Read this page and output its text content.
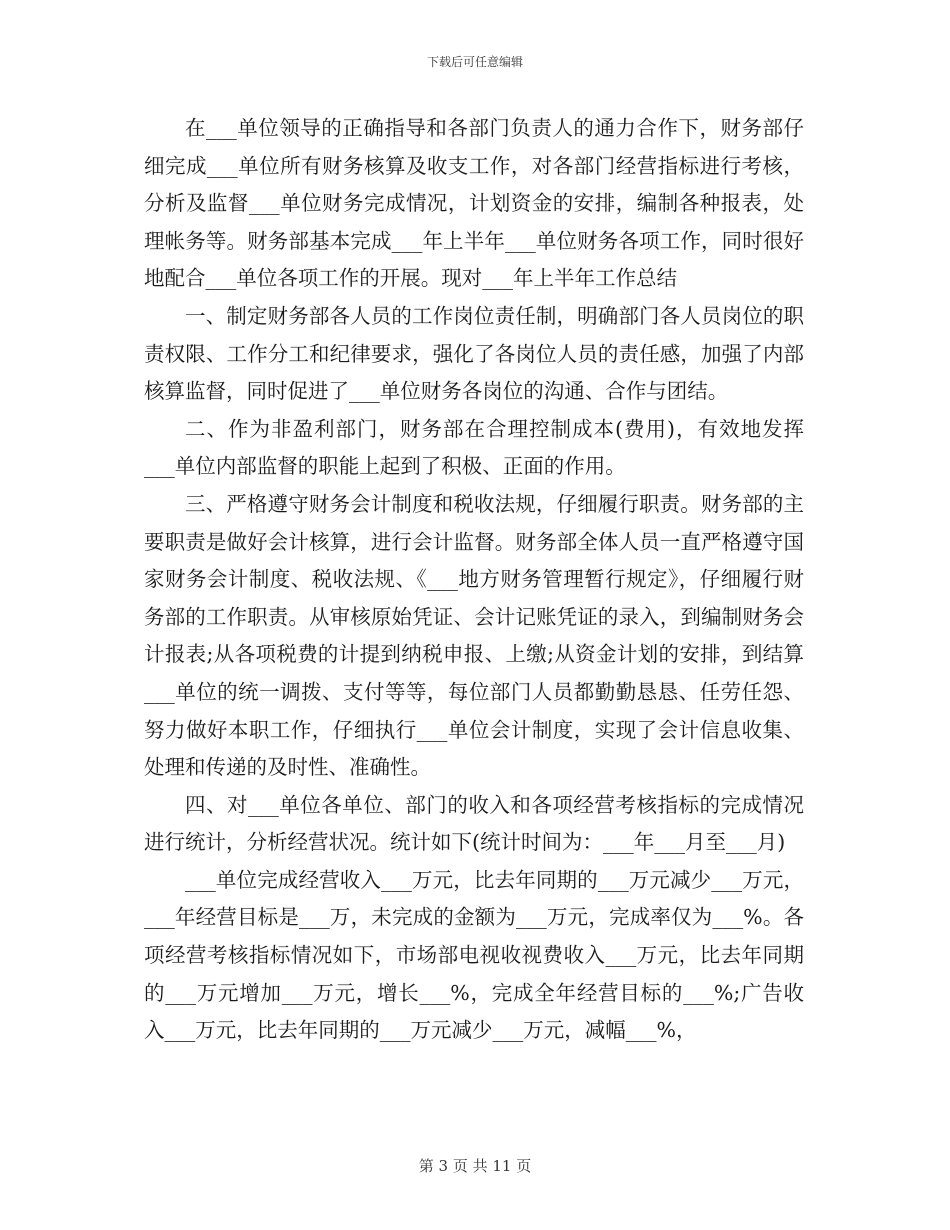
下载后可任意编辑

在___单位领导的正确指导和各部门负责人的通力合作下，财务部仔细完成___单位所有财务核算及收支工作，对各部门经营指标进行考核，分析及监督___单位财务完成情况，计划资金的安排，编制各种报表，处理帐务等。财务部基本完成___年上半年___单位财务各项工作，同时很好地配合___单位各项工作的开展。现对___年上半年工作总结

一、制定财务部各人员的工作岗位责任制，明确部门各人员岗位的职责权限、工作分工和纪律要求，强化了各岗位人员的责任感，加强了内部核算监督，同时促进了___单位财务各岗位的沟通、合作与团结。

二、作为非盈利部门，财务部在合理控制成本(费用)，有效地发挥___单位内部监督的职能上起到了积极、正面的作用。

三、严格遵守财务会计制度和税收法规，仔细履行职责。财务部的主要职责是做好会计核算，进行会计监督。财务部全体人员一直严格遵守国家财务会计制度、税收法规、《___地方财务管理暂行规定》，仔细履行财务部的工作职责。从审核原始凭证、会计记账凭证的录入，到编制财务会计报表;从各项税费的计提到纳税申报、上缴;从资金计划的安排，到结算___单位的统一调拨、支付等等，每位部门人员都勤勤恳恳、任劳任怨、努力做好本职工作，仔细执行___单位会计制度，实现了会计信息收集、处理和传递的及时性、准确性。

四、对___单位各单位、部门的收入和各项经营考核指标的完成情况进行统计，分析经营状况。统计如下(统计时间为：___年___月至___月)

___单位完成经营收入___万元，比去年同期的___万元减少___万元，___年经营目标是___万，未完成的金额为___万元，完成率仅为___%。各项经营考核指标情况如下，市场部电视收视费收入___万元，比去年同期的___万元增加___万元，增长___%，完成全年经营目标的___%;广告收入___万元，比去年同期的___万元减少___万元，减幅___%，

第 3 页 共 11 页
